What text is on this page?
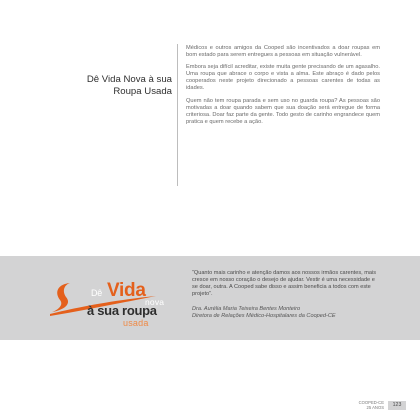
Dê Vida Nova à sua
Roupa Usada

Médicos e outros amigos da Cooped são incentivados a doar roupas em bom estado para serem entregues a pessoas em situação vulnerável.

Embora seja difícil acreditar, existe muita gente precisando de um agasalho. Uma roupa que abrace o corpo e vista a alma. Este abraço é dado pelos cooperados neste projeto direcionado a pessoas carentes de todas as idades.

Quem não tem roupa parada e sem uso no guarda roupa? As pessoas são motivadas a doar quando sabem que sua doação será entregue de forma criteriosa. Doar faz parte da gente. Todo gesto de carinho engrandece quem pratica e quem recebe a ação.

Dê Vida
nova
à sua roupa
usada

“Quanto mais carinho e atenção damos aos nossos irmãos carentes, mais cresce em nosso coração o desejo de ajudar. Vestir é uma necessidade e se doar, outra. A Cooped sabe disso e assim beneficia a todos com este projeto”.

Dra. Aurélia Maria Teixeira Bentes Monteiro

Diretora de Relações Médico-Hospitalares da Cooped-CE

COOPED-CE
25 ANOS	123
